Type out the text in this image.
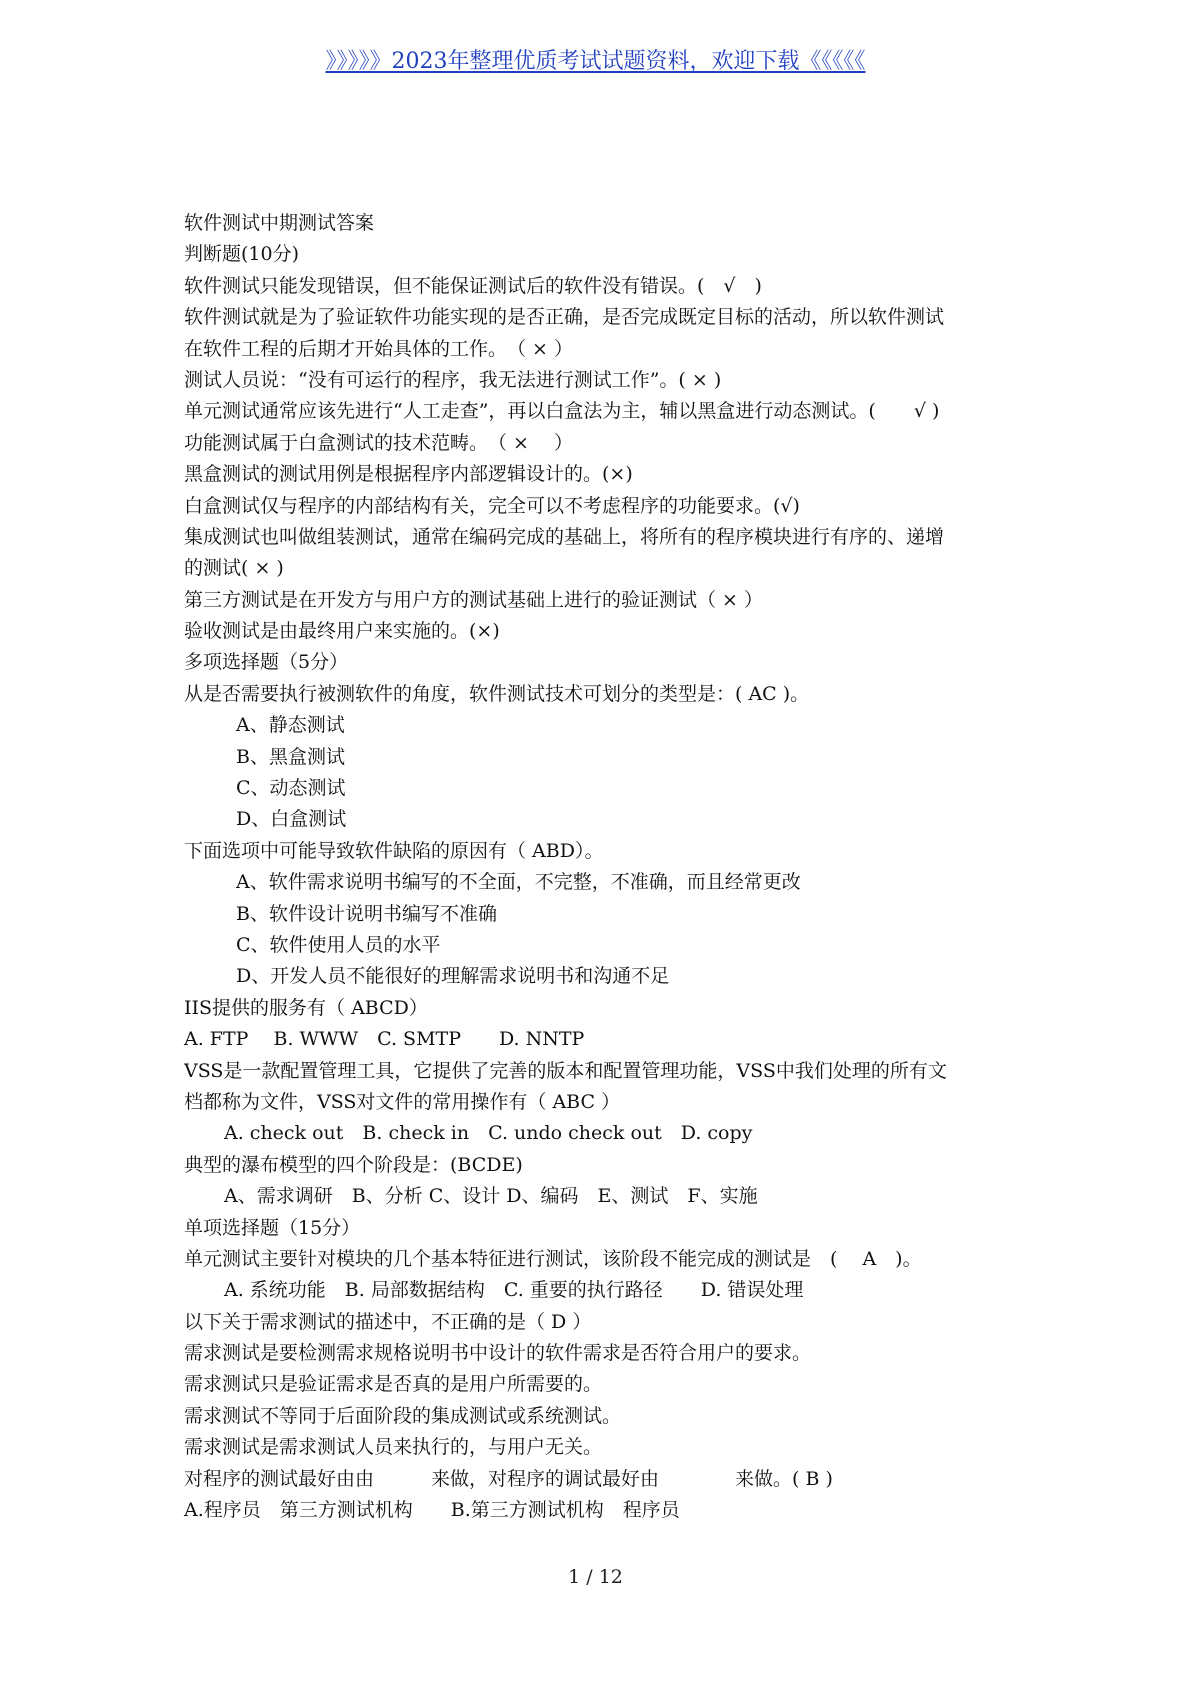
》》》》》2023年整理优质考试试题资料，欢迎下载《《《《《
软件测试中期测试答案
判断题(10分)
软件测试只能发现错误，但不能保证测试后的软件没有错误。(　√　)
软件测试就是为了验证软件功能实现的是否正确，是否完成既定目标的活动，所以软件测试
在软件工程的后期才开始具体的工作。　（ × ）
测试人员说：“没有可运行的程序，我无法进行测试工作”。( × )
单元测试通常应该先进行“人工走查”，再以白盒法为主，辅以黑盒进行动态测试。(　　√ )
功能测试属于白盒测试的技术范畴。　（ ×　 ）
黑盒测试的测试用例是根据程序内部逻辑设计的。(×)
白盒测试仅与程序的内部结构有关，完全可以不考虑程序的功能要求。(√)
集成测试也叫做组装测试，通常在编码完成的基础上，将所有的程序模块进行有序的、递增
的测试( × )
第三方测试是在开发方与用户方的测试基础上进行的验证测试（ × ）
验收测试是由最终用户来实施的。(×)
多项选择题（5分）
从是否需要执行被测软件的角度，软件测试技术可划分的类型是：( AC )。
A、静态测试
B、黑盒测试
C、动态测试
D、白盒测试
下面选项中可能导致软件缺陷的原因有（ ABD）。
A、软件需求说明书编写的不全面，不完整，不准确，而且经常更改
B、软件设计说明书编写不准确
C、软件使用人员的水平
D、开发人员不能很好的理解需求说明书和沟通不足
IIS提供的服务有（ ABCD）
A. FTP　 B. WWW　C. SMTP　　D. NNTP
VSS是一款配置管理工具，它提供了完善的版本和配置管理功能，VSS中我们处理的所有文
档都称为文件，VSS对文件的常用操作有（ ABC ）
A. check out　B. check in　C. undo check out　D. copy
典型的瀑布模型的四个阶段是：(BCDE)
A、需求调研　B、分析 C、设计 D、编码　E、测试　F、实施
单项选择题（15分）
单元测试主要针对模块的几个基本特征进行测试，该阶段不能完成的测试是　(　 A　)。
A. 系统功能　B. 局部数据结构　C. 重要的执行路径　　D. 错误处理
以下关于需求测试的描述中，不正确的是（ D ）
需求测试是要检测需求规格说明书中设计的软件需求是否符合用户的要求。
需求测试只是验证需求是否真的是用户所需要的。
需求测试不等同于后面阶段的集成测试或系统测试。
需求测试是需求测试人员来执行的，与用户无关。
对程序的测试最好由由　　　来做，对程序的调试最好由　　　　来做。( B )
A.程序员　第三方测试机构　　B.第三方测试机构　程序员
1 / 12
